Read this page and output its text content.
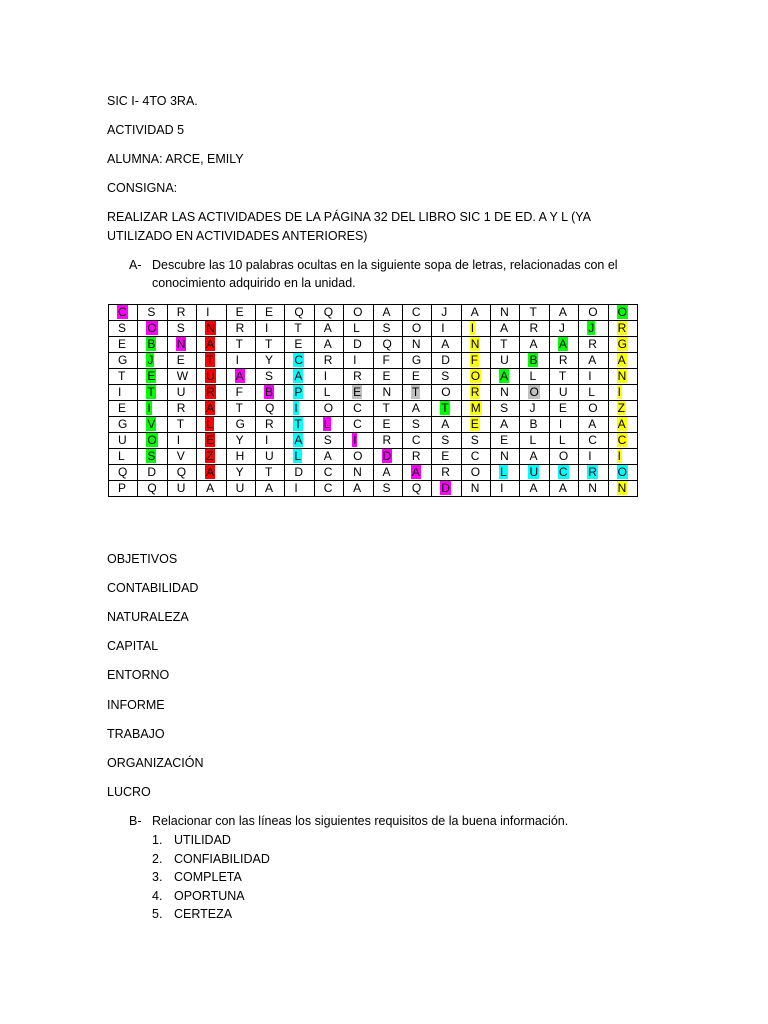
SIC I- 4TO 3RA.
ACTIVIDAD 5
ALUMNA: ARCE, EMILY
CONSIGNA:
REALIZAR LAS ACTIVIDADES DE LA PÁGINA 32 DEL LIBRO SIC 1 DE ED. A Y L (YA UTILIZADO EN ACTIVIDADES ANTERIORES)
A- Descubre las 10 palabras ocultas en la siguiente sopa de letras, relacionadas con el conocimiento adquirido en la unidad.
C	S	R	I	E	E	Q	Q	O	A	C	J	A	N	T	A	O	O
S	O	S	N	R	I	T	A	L	S	O	I	I	A	R	J	J	R
E	B	N	A	T	T	E	A	D	Q	N	A	N	T	A	A	R	G
G	J	E	T	I	Y	C	R	I	F	G	D	F	U	B	R	A	A
T	E	W	U	A	S	A	I	R	E	E	S	O	A	L	T	I	N
I	T	U	R	F	B	P	L	E	N	T	O	R	N	O	U	L	I
E	I	R	A	T	Q	I	O	C	T	A	T	M	S	J	E	O	Z
G	V	T	L	G	R	T	L	C	E	S	A	E	A	B	I	A	A
U	O	I	E	Y	I	A	S	I	R	C	S	S	E	L	L	C	C
L	S	V	Z	H	U	L	A	O	D	R	E	C	N	A	O	I	I
Q	D	Q	A	Y	T	D	C	N	A	A	R	O	L	U	C	R	O
P	Q	U	A	U	A	I	C	A	S	Q	D	N	I	A	A	N	N
OBJETIVOS
CONTABILIDAD
NATURALEZA
CAPITAL
ENTORNO
INFORME
TRABAJO
ORGANIZACIÓN
LUCRO
B- Relacionar con las líneas los siguientes requisitos de la buena información.
1. UTILIDAD
2. CONFIABILIDAD
3. COMPLETA
4. OPORTUNA
5. CERTEZA
